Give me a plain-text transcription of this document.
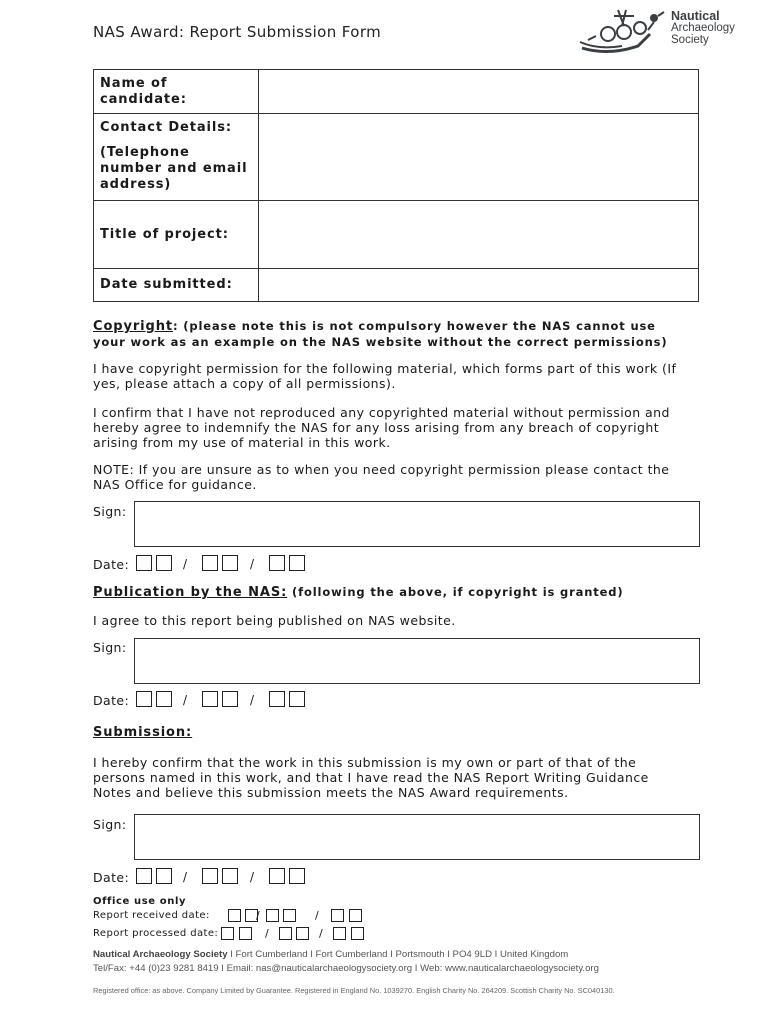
NAS Award: Report Submission Form
Nautical
Archaeology
Society
Name of candidate:	

Contact Details:
(Telephone number and email address)	

Title of project:	
Date submitted:	
Copyright: (please note this is not compulsory however the NAS cannot use your work as an example on the NAS website without the correct permissions)
I have copyright permission for the following material, which forms part of this work (If yes, please attach a copy of all permissions).
I confirm that I have not reproduced any copyrighted material without permission and hereby agree to indemnify the NAS for any loss arising from any breach of copyright arising from my use of material in this work.
NOTE: If you are unsure as to when you need copyright permission please contact the NAS Office for guidance.
Sign:
Date:	/	/
Publication by the NAS: (following the above, if copyright is granted)
I agree to this report being published on NAS website.
Sign:
Date:	/	/
Submission:
I hereby confirm that the work in this submission is my own or part of that of the persons named in this work, and that I have read the NAS Report Writing Guidance Notes and believe this submission meets the NAS Award requirements.
Sign:
Date:	/	/
Office use only
Report received date:	/	/
Report processed date:	/	/
Nautical Archaeology Society I Fort Cumberland I Fort Cumberland I Portsmouth I PO4 9LD I United Kingdom
Tel/Fax: +44 (0)23 9281 8419 I Email: nas@nauticalarchaeologysociety.org I Web: www.nauticalarchaeologysociety.org
Registered office: as above. Company Limited by Guarantee. Registered in England No. 1039270. English Charity No. 264209. Scottish Charity No. SC040130.
